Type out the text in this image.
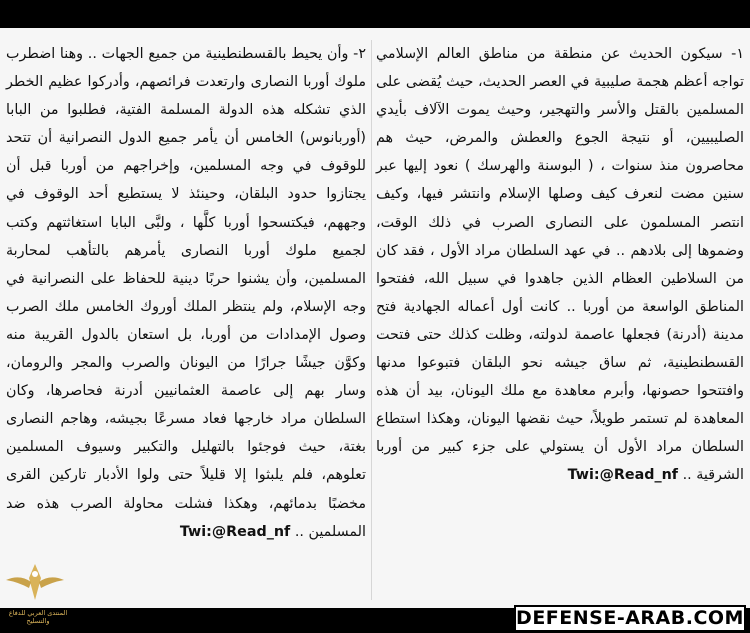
١- سيكون الحديث عن منطقة من مناطق العالم الإسلامي تواجه أعظم هجمة صليبية في العصر الحديث، حيث يُقضى على المسلمين بالقتل والأسر والتهجير، وحيث يموت الآلاف بأيدي الصليبيين، أو نتيجة الجوع والعطش والمرض، حيث هم محاصرون منذ سنوات ، ( البوسنة والهرسك ) نعود إليها عبر سنين مضت لنعرف كيف وصلها الإسلام وانتشر فيها، وكيف انتصر المسلمون على النصارى الصرب في ذلك الوقت، وضموها إلى بلادهم .. في عهد السلطان مراد الأول ، فقد كان من السلاطين العظام الذين جاهدوا في سبيل الله، ففتحوا المناطق الواسعة من أوربا .. كانت أول أعماله الجهادية فتح مدينة (أدرنة) فجعلها عاصمة لدولته، وظلت كذلك حتى فتحت القسطنطينية، ثم ساق جيشه نحو البلقان فتبوعوا مدنها وافتتحوا حصونها، وأبرم معاهدة مع ملك اليونان، بيد أن هذه المعاهدة لم تستمر طويلاً، حيث نقضها اليونان، وهكذا استطاع السلطان مراد الأول أن يستولي على جزء كبير من أوربا الشرقية .. Twi:@Read_nf

٢- وأن يحيط بالقسطنطينية من جميع الجهات .. وهنا اضطرب ملوك أوربا النصارى وارتعدت فرائصهم، وأدركوا عظيم الخطر الذي تشكله هذه الدولة المسلمة الفتية، فطلبوا من البابا (أوربانوس) الخامس أن يأمر جميع الدول النصرانية أن تتحد للوقوف في وجه المسلمين، وإخراجهم من أوربا قبل أن يجتازوا حدود البلقان، وحينئذ لا يستطيع أحد الوقوف في وجههم، فيكتسحوا أوربا كلَّها ، ولبَّى البابا استغاثتهم وكتب لجميع ملوك أوربا النصارى يأمرهم بالتأهب لمحاربة المسلمين، وأن يشنوا حربًا دينية للحفاظ على النصرانية في وجه الإسلام، ولم ينتظر الملك أوروك الخامس ملك الصرب وصول الإمدادات من أوربا، بل استعان بالدول القريبة منه وكوَّن جيشًا جرارًا من اليونان والصرب والمجر والرومان، وسار بهم إلى عاصمة العثمانيين أدرنة فحاصرها، وكان السلطان مراد خارجها فعاد مسرعًا بجيشه، وهاجم النصارى بغتة، حيث فوجئوا بالتهليل والتكبير وسيوف المسلمين تعلوهم، فلم يلبثوا إلا قليلاً حتى ولوا الأدبار تاركين القرى مخضبًا بدمائهم، وهكذا فشلت محاولة الصرب هذه ضد المسلمين .. Twi:@Read_nf

المنتدى العربي للدفاع والتسليح	DEFENSE-ARAB.COM
